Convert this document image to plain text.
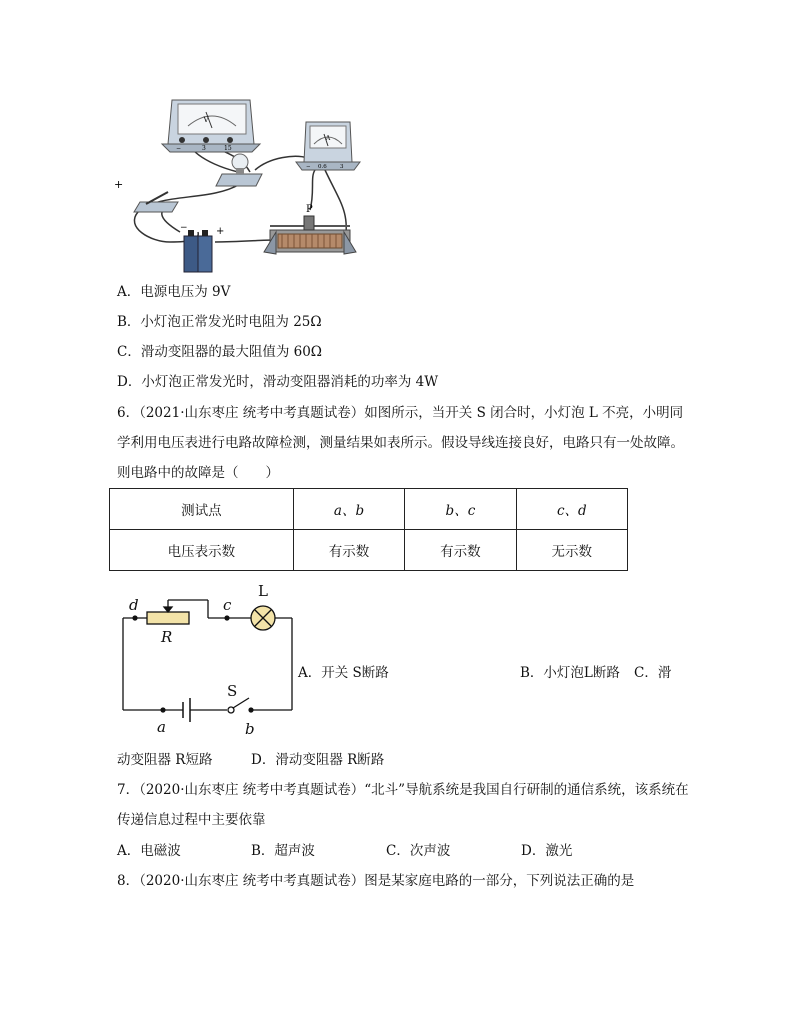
V
−	3	15
A
− 0.6 3
+
P
−	+
A．电源电压为 9V
B．小灯泡正常发光时电阻为 25Ω
C．滑动变阻器的最大阻值为 60Ω
D．小灯泡正常发光时，滑动变阻器消耗的功率为 4W
6．（2021·山东枣庄 统考中考真题试卷）如图所示，当开关 S 闭合时，小灯泡 L 不亮，小明同
学利用电压表进行电路故障检测，测量结果如表所示。假设导线连接良好，电路只有一处故障。
则电路中的故障是（　　）
测试点	a、b	b、c	c、d
电压表示数	有示数	有示数	无示数
d	c
R
a	b
L
S
A．开关 S断路	B．小灯泡L断路 C．滑
动变阻器 R短路	D．滑动变阻器 R断路
7．（2020·山东枣庄 统考中考真题试卷）“北斗”导航系统是我国自行研制的通信系统，该系统在
传递信息过程中主要依靠
A．电磁波	B．超声波	C．次声波	D．激光
8．（2020·山东枣庄 统考中考真题试卷）图是某家庭电路的一部分，下列说法正确的是
